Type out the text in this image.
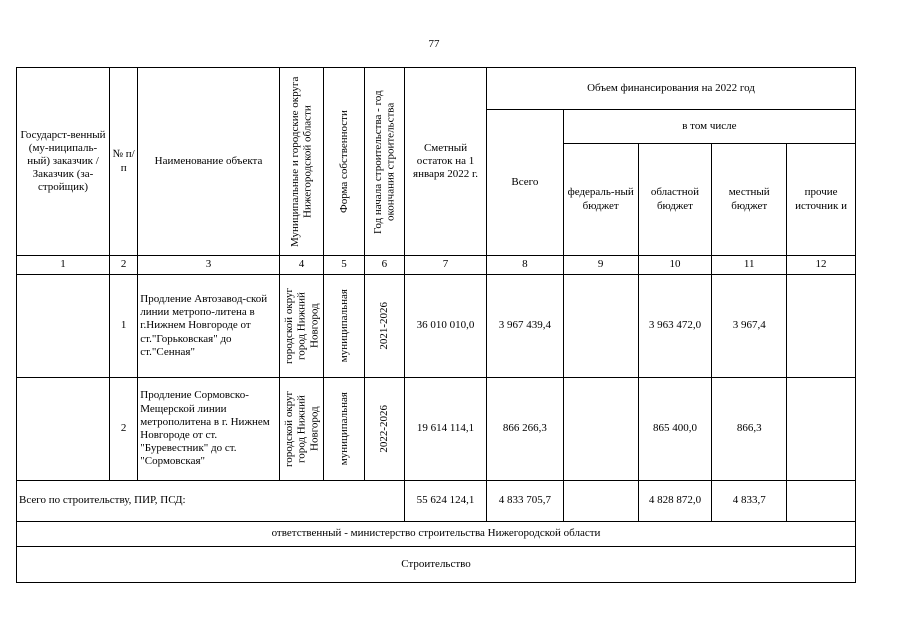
77
Государст-венный (му-ниципаль-ный) заказчик / Заказчик (за-стройщик)	№ п/п	Наименование объекта	Муниципальные и городские округа Нижегородской области	Форма собственности	Год начала строительства - год окончания строительства	Сметный остаток на 1 января 2022 г.	Объем финансирования на 2022 год				

							Всего	в том числе			

								федераль-ный бюджет	областной бюджет	местный бюджет	прочие источник и

1	2	3	4	5	6	7	8	9	10	11	12
	1	Продление Автозавод-ской линии метропо-литена в г.Нижнем Новгороде от ст."Горьковская" до ст."Сенная"	городской округ город Нижний Новгород	муниципальная	2021-2026	36 010 010,0	3 967 439,4		3 963 472,0	3 967,4	
	2	Продление Сормовско-Мещерской линии метрополитена в г. Нижнем Новгороде от ст. "Буревестник" до ст. "Сормовская"	городской округ город Нижний Новгород	муниципальная	2022-2026	19 614 114,1	866 266,3		865 400,0	866,3	
Всего по строительству, ПИР, ПСД:						55 624 124,1	4 833 705,7		4 828 872,0	4 833,7	
ответственный - министерство строительства Нижегородской области											
Строительство											
